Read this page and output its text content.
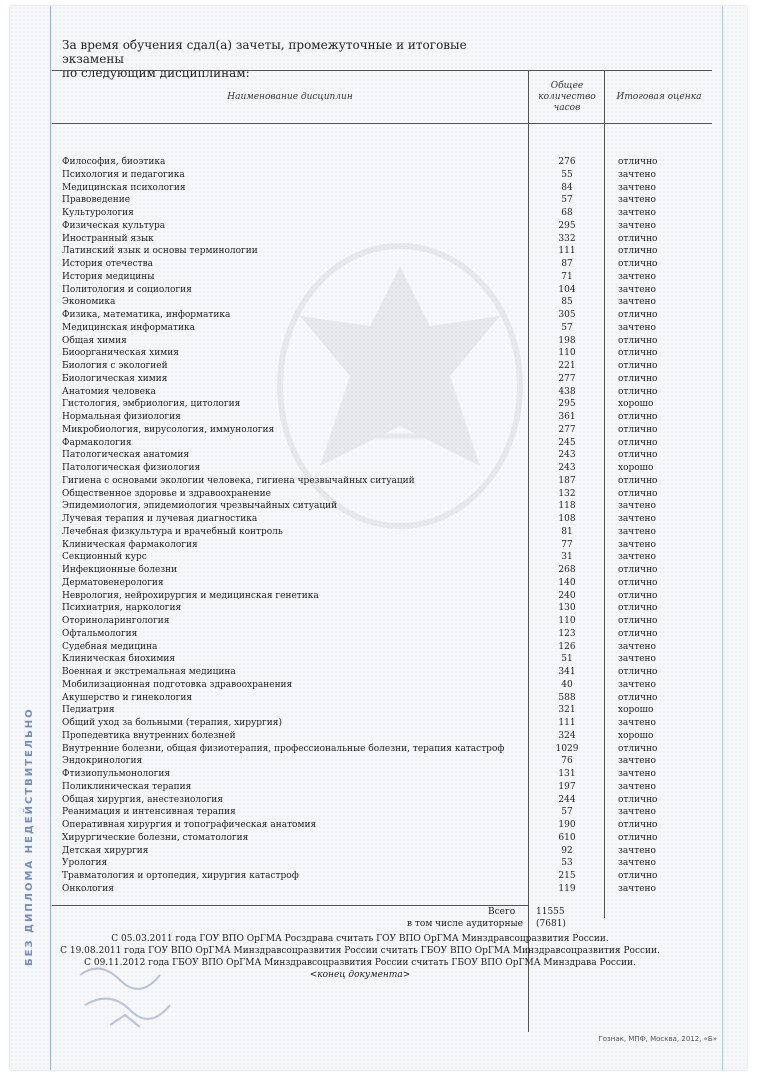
БЕЗ ДИПЛОМА НЕДЕЙСТВИТЕЛЬНО
За время обучения сдал(а) зачеты, промежуточные и итоговые экзамены
по следующим дисциплинам:
Наименование дисциплин
Общее количество часов
Итоговая оценка
Философия, биоэтика	276	отлично
Психология и педагогика	55	зачтено
Медицинская психология	84	зачтено
Правоведение	57	зачтено
Культурология	68	зачтено
Физическая культура	295	зачтено
Иностранный язык	332	отлично
Латинский язык и основы терминологии	111	отлично
История отечества	87	отлично
История медицины	71	зачтено
Политология и социология	104	зачтено
Экономика	85	зачтено
Физика, математика, информатика	305	отлично
Медицинская информатика	57	зачтено
Общая химия	198	отлично
Биоорганическая химия	110	отлично
Биология с экологией	221	отлично
Биологическая химия	277	отлично
Анатомия человека	438	отлично
Гистология, эмбриология, цитология	295	хорошо
Нормальная физиология	361	отлично
Микробиология, вирусология, иммунология	277	отлично
Фармакология	245	отлично
Патологическая анатомия	243	отлично
Патологическая физиология	243	хорошо
Гигиена с основами экологии человека, гигиена чрезвычайных ситуаций	187	отлично
Общественное здоровье и здравоохранение	132	отлично
Эпидемиология, эпидемиология чрезвычайных ситуаций	118	зачтено
Лучевая терапия и лучевая диагностика	108	зачтено
Лечебная физкультура и врачебный контроль	81	зачтено
Клиническая фармакология	77	зачтено
Секционный курс	31	зачтено
Инфекционные болезни	268	отлично
Дерматовенерология	140	отлично
Неврология, нейрохирургия и медицинская генетика	240	отлично
Психиатрия, наркология	130	отлично
Оториноларингология	110	отлично
Офтальмология	123	отлично
Судебная медицина	126	зачтено
Клиническая биохимия	51	зачтено
Военная и экстремальная медицина	341	отлично
Мобилизационная подготовка здравоохранения	40	зачтено
Акушерство и гинекология	588	отлично
Педиатрия	321	хорошо
Общий уход за больными (терапия, хирургия)	111	зачтено
Пропедевтика внутренних болезней	324	хорошо
Внутренние болезни, общая физиотерапия, профессиональные болезни, терапия катастроф	1029	отлично
Эндокринология	76	зачтено
Фтизиопульмонология	131	зачтено
Поликлиническая терапия	197	зачтено
Общая хирургия, анестезиология	244	отлично
Реанимация и интенсивная терапия	57	зачтено
Оперативная хирургия и топографическая анатомия	190	отлично
Хирургические болезни, стоматология	610	отлично
Детская хирургия	92	зачтено
Урология	53	зачтено
Травматология и ортопедия, хирургия катастроф	215	отлично
Онкология	119	зачтено
Всего 11555
в том числе аудиторные (7681)
С 05.03.2011 года ГОУ ВПО ОрГМА Росздрава считать ГОУ ВПО ОрГМА Минздравсоцразвития России.
С 19.08.2011 года ГОУ ВПО ОрГМА Минздравсоцразвития России считать ГБОУ ВПО ОрГМА Минздравсоцразвития России.
С 09.11.2012 года ГБОУ ВПО ОрГМА Минздравсоцразвития России считать ГБОУ ВПО ОрГМА Минздрава России.
<конец документа>
Гознак, МПФ, Москва, 2012, «Б»
